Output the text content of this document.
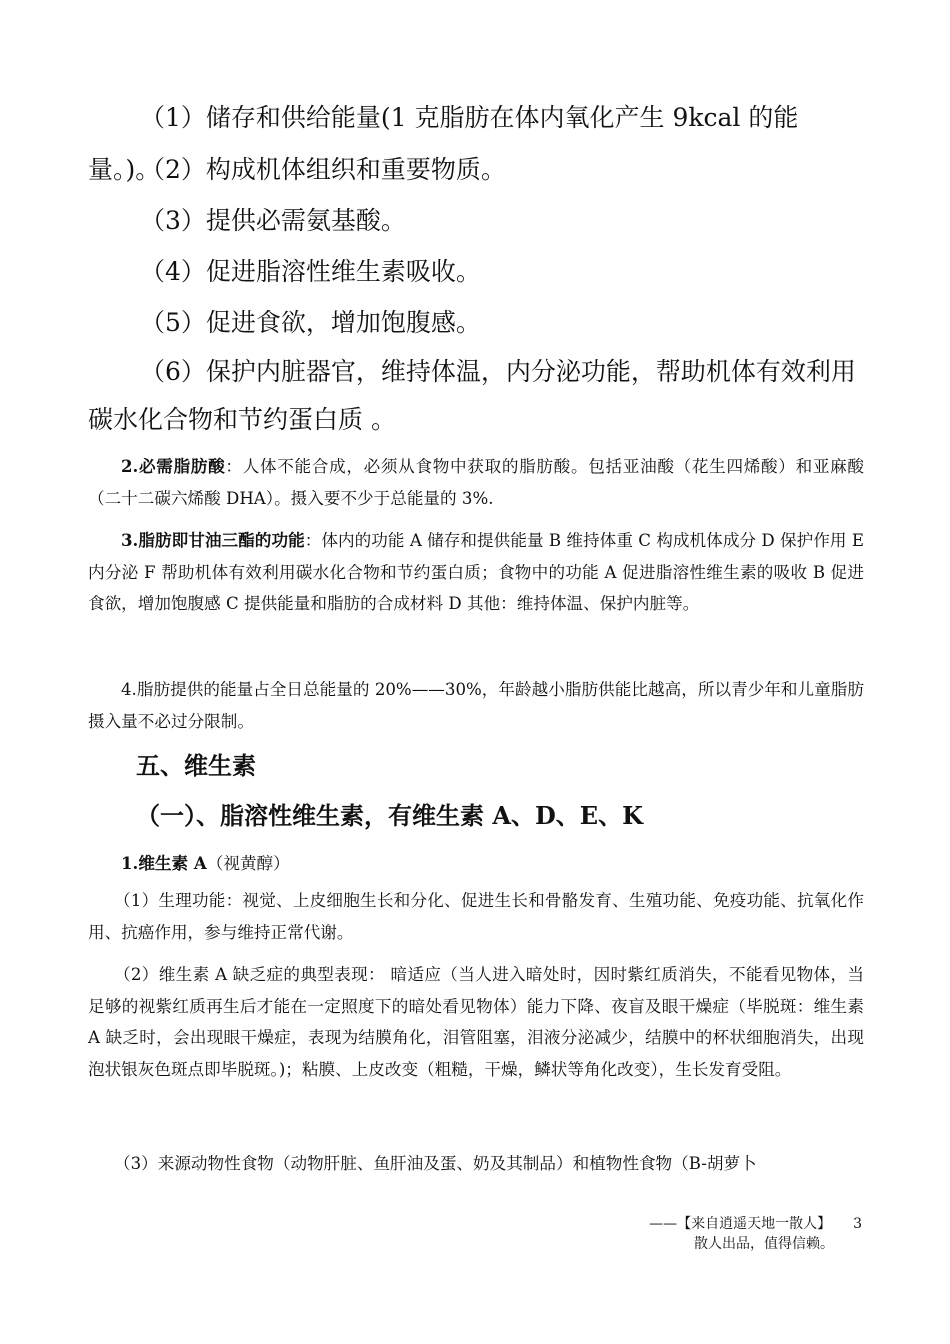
（1）储存和供给能量(1 克脂肪在体内氧化产生 9kcal 的能量。)。

（2）构成机体组织和重要物质。

（3）提供必需氨基酸。

（4）促进脂溶性维生素吸收。

（5）促进食欲，增加饱腹感。

（6）保护内脏器官，维持体温，内分泌功能，帮助机体有效利用

碳水化合物和节约蛋白质 。

2.必需脂肪酸：人体不能合成，必须从食物中获取的脂肪酸。包括亚油酸（花生四烯酸）和亚麻酸（二十二碳六烯酸 DHA）。摄入要不少于总能量的 3%.

3.脂肪即甘油三酯的功能：体内的功能 A 储存和提供能量 B 维持体重 C 构成机体成分 D 保护作用 E 内分泌 F 帮助机体有效利用碳水化合物和节约蛋白质；食物中的功能 A 促进脂溶性维生素的吸收 B 促进食欲，增加饱腹感 C 提供能量和脂肪的合成材料 D 其他：维持体温、保护内脏等。

4.脂肪提供的能量占全日总能量的 20%——30%，年龄越小脂肪供能比越高，所以青少年和儿童脂肪摄入量不必过分限制。

五、维生素
（一）、脂溶性维生素，有维生素 A、D、E、K

1.维生素 A（视黄醇）

（1）生理功能：视觉、上皮细胞生长和分化、促进生长和骨骼发育、生殖功能、免疫功能、抗氧化作用、抗癌作用，参与维持正常代谢。

（2）维生素 A 缺乏症的典型表现： 暗适应（当人进入暗处时，因时紫红质消失，不能看见物体，当足够的视紫红质再生后才能在一定照度下的暗处看见物体）能力下降、夜盲及眼干燥症（毕脱斑：维生素 A 缺乏时，会出现眼干燥症，表现为结膜角化，泪管阻塞，泪液分泌减少，结膜中的杯状细胞消失，出现泡状银灰色斑点即毕脱斑。)；粘膜、上皮改变（粗糙，干燥，鳞状等角化改变），生长发育受阻。

（3）来源动物性食物（动物肝脏、鱼肝油及蛋、奶及其制品）和植物性食物（B-胡萝卜

——【来自逍遥天地一散人】 3
散人出品，值得信赖。
